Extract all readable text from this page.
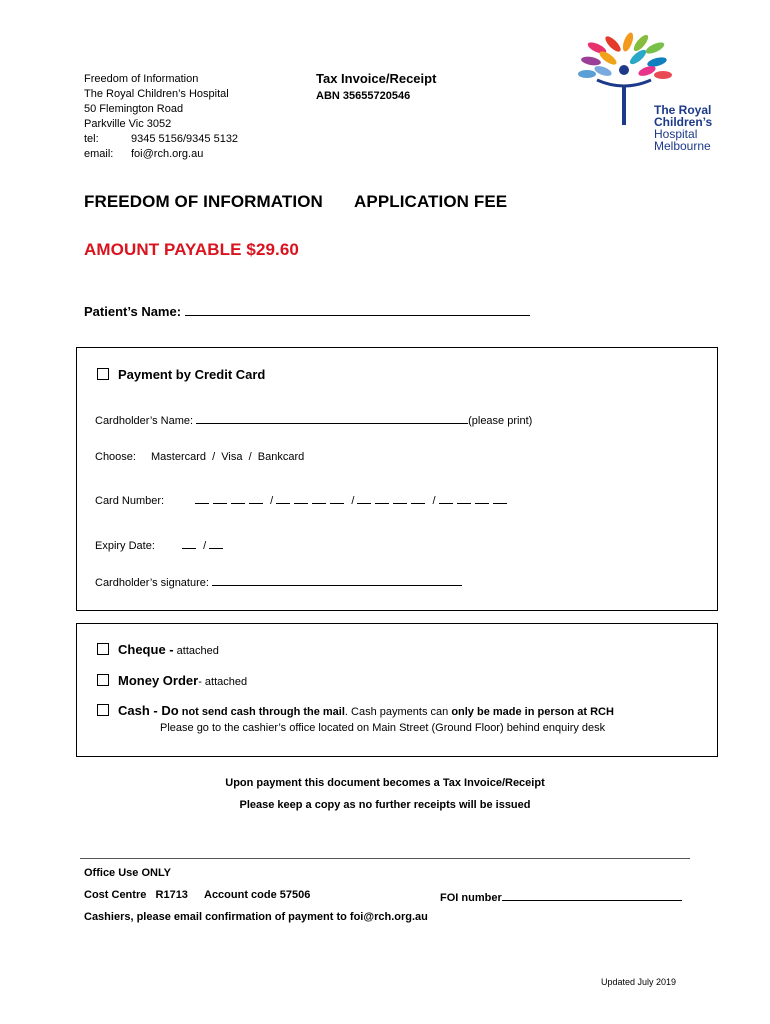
Freedom of Information
The Royal Children’s Hospital
50 Flemington Road
Parkville Vic 3052
tel:	9345 5156/9345 5132
email: foi@rch.org.au
Tax Invoice/Receipt
ABN 35655720546
The Royal
Children’s
Hospital
Melbourne
FREEDOM OF INFORMATION APPLICATION FEE
AMOUNT PAYABLE $29.60
Patient’s Name:
Payment by Credit Card
Cardholder’s Name:	(please print)
Choose: Mastercard  /  Visa  /  Bankcard
Card Number:	/	/	/
Expiry Date:	/
Cardholder’s signature:
Cheque - attached
Money Order- attached
Cash - Do not send cash through the mail. Cash payments can only be made in person at RCH
Please go to the cashier’s office located on Main Street (Ground Floor) behind enquiry desk
Upon payment this document becomes a Tax Invoice/Receipt
Please keep a copy as no further receipts will be issued
Office Use ONLY
Cost Centre   R1713 Account code 57506	FOI number
Cashiers, please email confirmation of payment to foi@rch.org.au
Updated July 2019
